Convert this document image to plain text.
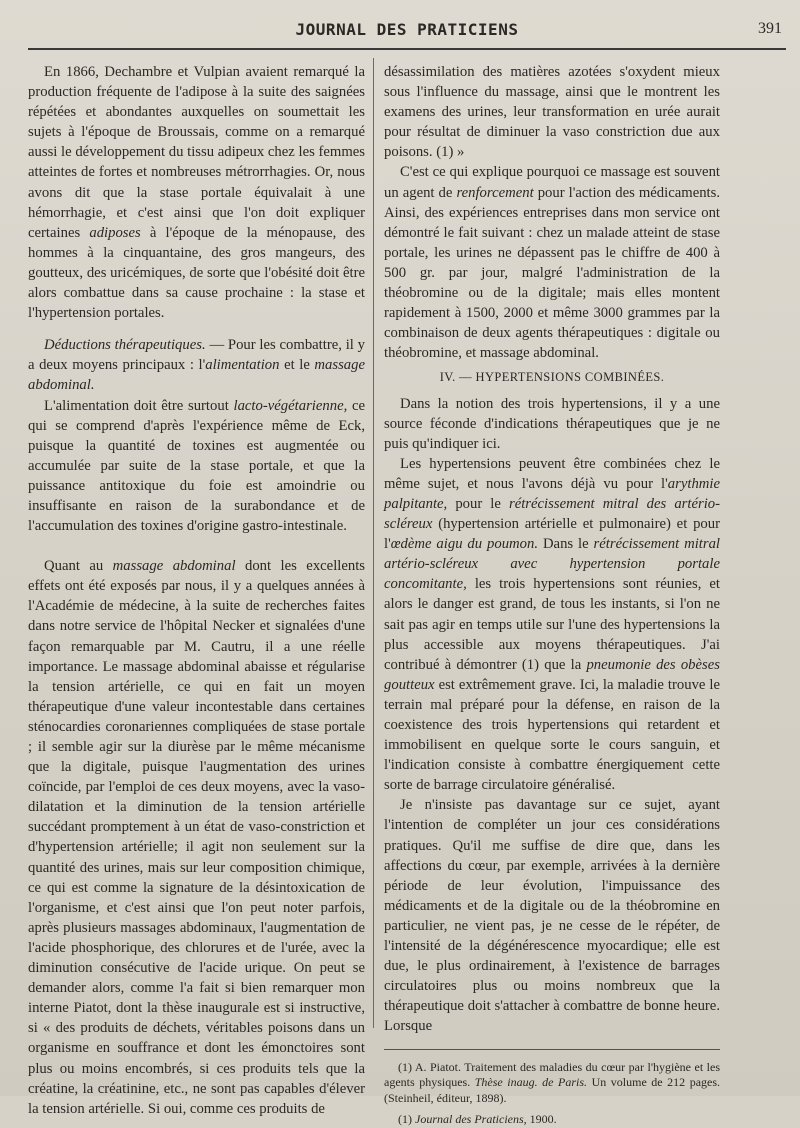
JOURNAL DES PRATICIENS	391

En 1866, Dechambre et Vulpian avaient remarqué la production fréquente de l'adipose à la suite des saignées répétées et abondantes auxquelles on soumettait les sujets à l'époque de Broussais, comme on a remarqué aussi le développement du tissu adipeux chez les femmes atteintes de fortes et nombreuses métrorrhagies. Or, nous avons dit que la stase portale équivalait à une hémorrhagie, et c'est ainsi que l'on doit expliquer certaines adiposes à l'époque de la ménopause, des hommes à la cinquantaine, des gros mangeurs, des goutteux, des uricémiques, de sorte que l'obésité doit être alors combattue dans sa cause prochaine : la stase et l'hypertension portales.

Déductions thérapeutiques. — Pour les combattre, il y a deux moyens principaux : l'alimentation et le massage abdominal.

L'alimentation doit être surtout lacto-végétarienne, ce qui se comprend d'après l'expérience même de Eck, puisque la quantité de toxines est augmentée ou accumulée par suite de la stase portale, et que la puissance antitoxique du foie est amoindrie ou insuffisante en raison de la surabondance et de l'accumulation des toxines d'origine gastro-intestinale.

Quant au massage abdominal dont les excellents effets ont été exposés par nous, il y a quelques années à l'Académie de médecine, à la suite de recherches faites dans notre service de l'hôpital Necker et signalées d'une façon remarquable par M. Cautru, il a une réelle importance. Le massage abdominal abaisse et régularise la tension artérielle, ce qui en fait un moyen thérapeutique d'une valeur incontestable dans certaines sténocardies coronariennes compliquées de stase portale ; il semble agir sur la diurèse par le même mécanisme que la digitale, puisque l'augmentation des urines coïncide, par l'emploi de ces deux moyens, avec la vaso-dilatation et la diminution de la tension artérielle succédant promptement à un état de vaso-constriction et d'hypertension artérielle; il agit non seulement sur la quantité des urines, mais sur leur composition chimique, ce qui est comme la signature de la désintoxication de l'organisme, et c'est ainsi que l'on peut noter parfois, après plusieurs massages abdominaux, l'augmentation de l'acide phosphorique, des chlorures et de l'urée, avec la diminution consécutive de l'acide urique. On peut se demander alors, comme l'a fait si bien remarquer mon interne Piatot, dont la thèse inaugurale est si instructive, si « des produits de déchets, véritables poisons dans un organisme en souffrance et dont les émonctoires sont plus ou moins encombrés, si ces produits tels que la créatine, la créatinine, etc., ne sont pas capables d'élever la tension artérielle. Si oui, comme ces produits de

désassimilation des matières azotées s'oxydent mieux sous l'influence du massage, ainsi que le montrent les examens des urines, leur transformation en urée aurait pour résultat de diminuer la vaso constriction due aux poisons. (1) »

C'est ce qui explique pourquoi ce massage est souvent un agent de renforcement pour l'action des médicaments. Ainsi, des expériences entreprises dans mon service ont démontré le fait suivant : chez un malade atteint de stase portale, les urines ne dépassent pas le chiffre de 400 à 500 gr. par jour, malgré l'administration de la théobromine ou de la digitale; mais elles montent rapidement à 1500, 2000 et même 3000 grammes par la combinaison de deux agents thérapeutiques : digitale ou théobromine, et massage abdominal.

IV. — HYPERTENSIONS COMBINÉES.

Dans la notion des trois hypertensions, il y a une source féconde d'indications thérapeutiques que je ne puis qu'indiquer ici.

Les hypertensions peuvent être combinées chez le même sujet, et nous l'avons déjà vu pour l'arythmie palpitante, pour le rétrécissement mitral des artério-scléreux (hypertension artérielle et pulmonaire) et pour l'œdème aigu du poumon. Dans le rétrécissement mitral artério-scléreux avec hypertension portale concomitante, les trois hypertensions sont réunies, et alors le danger est grand, de tous les instants, si l'on ne sait pas agir en temps utile sur l'une des hypertensions la plus accessible aux moyens thérapeutiques. J'ai contribué à démontrer (1) que la pneumonie des obèses goutteux est extrêmement grave. Ici, la maladie trouve le terrain mal préparé pour la défense, en raison de la coexistence des trois hypertensions qui retardent et immobilisent en quelque sorte le cours sanguin, et l'indication consiste à combattre énergiquement cette sorte de barrage circulatoire généralisé.

Je n'insiste pas davantage sur ce sujet, ayant l'intention de compléter un jour ces considérations pratiques. Qu'il me suffise de dire que, dans les affections du cœur, par exemple, arrivées à la dernière période de leur évolution, l'impuissance des médicaments et de la digitale ou de la théobromine en particulier, ne vient pas, je ne cesse de le répéter, de l'intensité de la dégénérescence myocardique; elle est due, le plus ordinairement, à l'existence de barrages circulatoires plus ou moins nombreux que la thérapeutique doit s'attacher à combattre de bonne heure. Lorsque

(1) A. Piatot. Traitement des maladies du cœur par l'hygiène et les agents physiques. Thèse inaug. de Paris. Un volume de 212 pages. (Steinheil, éditeur, 1898).

(1) Journal des Praticiens, 1900.
